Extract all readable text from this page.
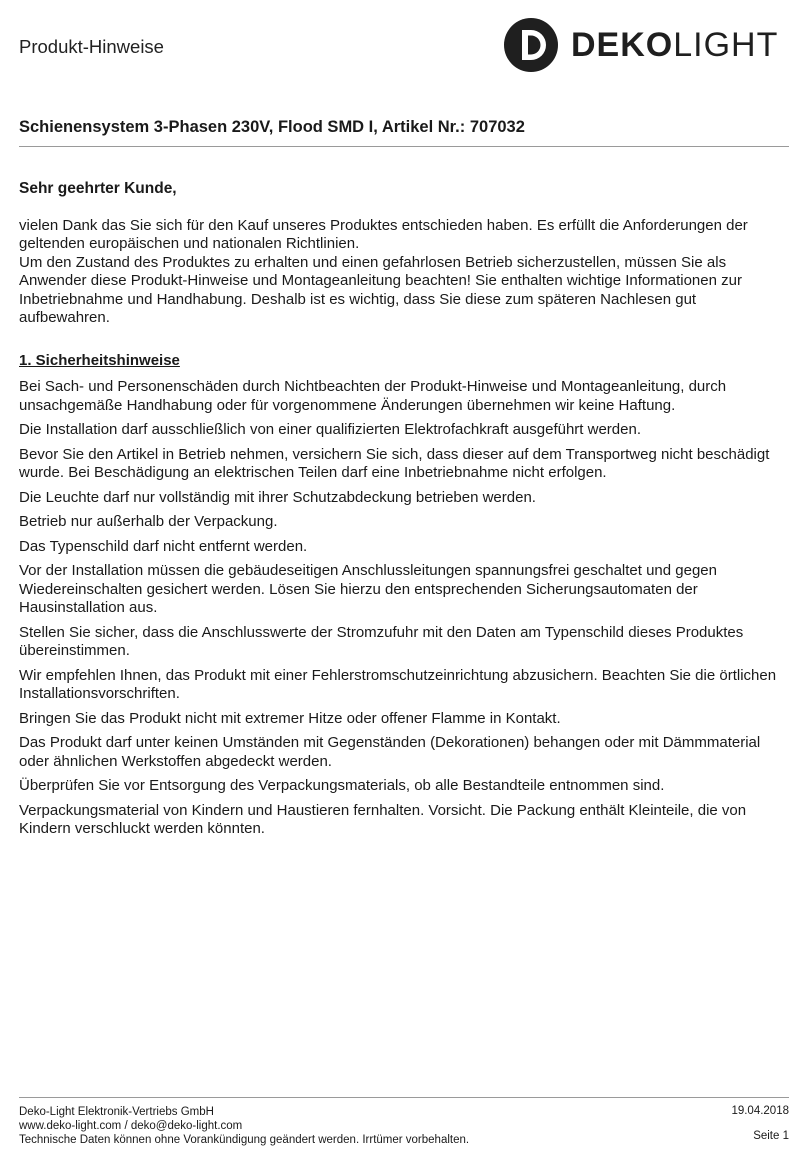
Produkt-Hinweise	DEKOLIGHT
Schienensystem 3-Phasen 230V, Flood SMD I, Artikel Nr.: 707032

Sehr geehrter Kunde,

vielen Dank das Sie sich für den Kauf unseres Produktes entschieden haben. Es erfüllt die Anforderungen der geltenden europäischen und nationalen Richtlinien.

Um den Zustand des Produktes zu erhalten und einen gefahrlosen Betrieb sicherzustellen, müssen Sie als Anwender diese Produkt-Hinweise und Montageanleitung beachten! Sie enthalten wichtige Informationen zur Inbetriebnahme und Handhabung. Deshalb ist es wichtig, dass Sie diese zum späteren Nachlesen gut aufbewahren.

1. Sicherheitshinweise

Bei Sach- und Personenschäden durch Nichtbeachten der Produkt-Hinweise und Montageanleitung, durch unsachgemäße Handhabung oder für vorgenommene Änderungen übernehmen wir keine Haftung.

Die Installation darf ausschließlich von einer qualifizierten Elektrofachkraft ausgeführt werden.

Bevor Sie den Artikel in Betrieb nehmen, versichern Sie sich, dass dieser auf dem Transportweg nicht beschädigt wurde. Bei Beschädigung an elektrischen Teilen darf eine Inbetriebnahme nicht erfolgen.

Die Leuchte darf nur vollständig mit ihrer Schutzabdeckung betrieben werden.

Betrieb nur außerhalb der Verpackung.

Das Typenschild darf nicht entfernt werden.

Vor der Installation müssen die gebäudeseitigen Anschlussleitungen spannungsfrei geschaltet und gegen Wiedereinschalten gesichert werden. Lösen Sie hierzu den entsprechenden Sicherungsautomaten der Hausinstallation aus.

Stellen Sie sicher, dass die Anschlusswerte der Stromzufuhr mit den Daten am Typenschild dieses Produktes übereinstimmen.

Wir empfehlen Ihnen, das Produkt mit einer Fehlerstromschutzeinrichtung abzusichern. Beachten Sie die örtlichen Installationsvorschriften.

Bringen Sie das Produkt nicht mit extremer Hitze oder offener Flamme in Kontakt.

Das Produkt darf unter keinen Umständen mit Gegenständen (Dekorationen) behangen oder mit Dämmmaterial oder ähnlichen Werkstoffen abgedeckt werden.

Überprüfen Sie vor Entsorgung des Verpackungsmaterials, ob alle Bestandteile entnommen sind.

Verpackungsmaterial von Kindern und Haustieren fernhalten. Vorsicht. Die Packung enthält Kleinteile, die von Kindern verschluckt werden könnten.

Deko-Light Elektronik-Vertriebs GmbH
www.deko-light.com / deko@deko-light.com
Technische Daten können ohne Vorankündigung geändert werden. Irrtümer vorbehalten.
19.04.2018
Seite 1
